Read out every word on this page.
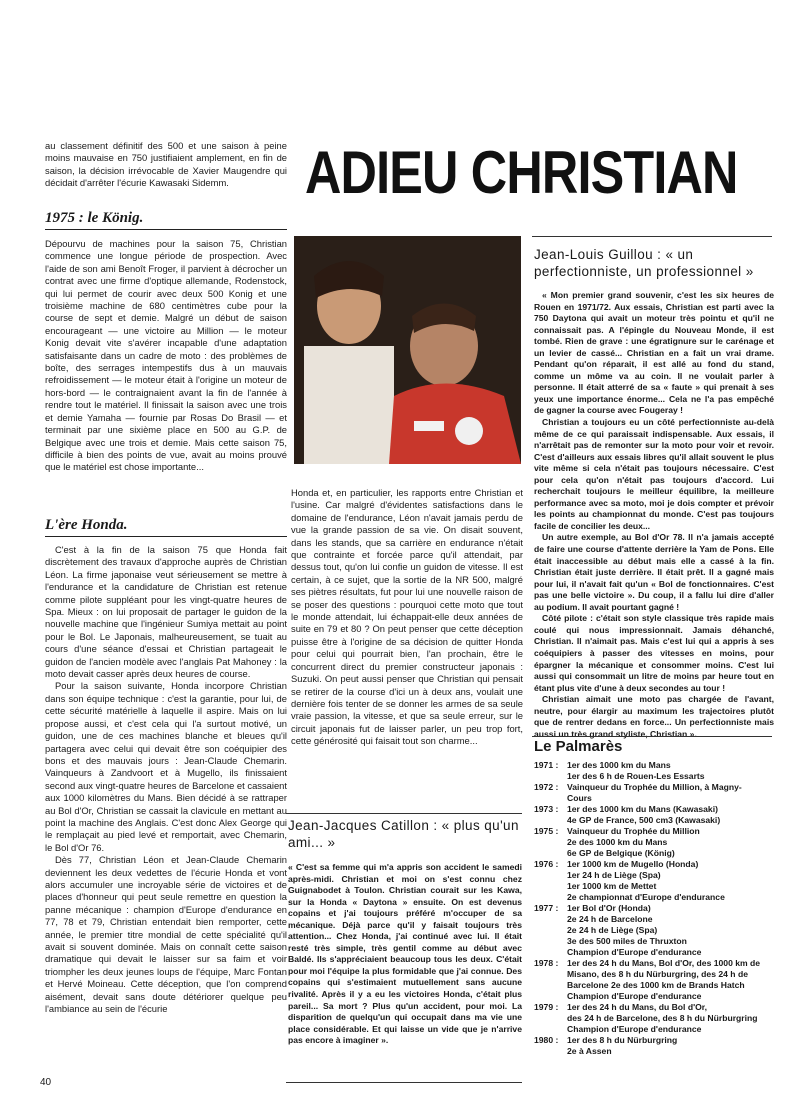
ADIEU CHRISTIAN
au classement définitif des 500 et une saison à peine moins mauvaise en 750 justifiaient amplement, en fin de saison, la décision irrévocable de Xavier Maugendre qui décidait d'arrêter l'écurie Kawasaki Sidemm.
1975 : le König.
Dépourvu de machines pour la saison 75, Christian commence une longue période de prospection. Avec l'aide de son ami Benoît Froger, il parvient à décrocher un contrat avec une firme d'optique allemande, Rodenstock, qui lui permet de courir avec deux 500 Konig et une troisième machine de 680 centimètres cube pour la course de sept et demie. Malgré un début de saison encourageant — une victoire au Million — le moteur Konig devait vite s'avérer incapable d'une adaptation satisfaisante dans un cadre de moto : des problèmes de boîte, des serrages intempestifs dus à un mauvais refroidissement — le moteur était à l'origine un moteur de hors-bord — le contraignaient avant la fin de l'année à rendre tout le matériel. Il finissait la saison avec une trois et demie Yamaha — fournie par Rosas Do Brasil — et terminait par une sixième place en 500 au G.P. de Belgique avec une trois et demie. Mais cette saison 75, difficile à bien des points de vue, avait au moins prouvé que le matériel est chose importante...
L'ère Honda.

C'est à la fin de la saison 75 que Honda fait discrètement des travaux d'approche auprès de Christian Léon. La firme japonaise veut sérieusement se mettre à l'endurance et la candidature de Christian est retenue comme pilote suppléant pour les vingt-quatre heures de Spa. Mieux : on lui proposait de partager le guidon de la nouvelle machine que l'ingénieur Sumiya mettait au point pour le Bol. Le Japonais, malheureusement, se tuait au cours d'une séance d'essai et Christian partageait le guidon de l'ancien modèle avec l'anglais Pat Mahoney : la moto devait casser après deux heures de course.

Pour la saison suivante, Honda incorpore Christian dans son équipe technique : c'est la garantie, pour lui, de cette sécurité matérielle à laquelle il aspire. Mais on lui propose aussi, et c'est cela qui l'a surtout motivé, un guidon, une de ces machines blanche et bleues qu'il partagera avec celui qui devait être son coéquipier des bons et des mauvais jours : Jean-Claude Chemarin. Vainqueurs à Zandvoort et à Mugello, ils finissaient second aux vingt-quatre heures de Barcelone et cassaient aux 1000 kilomètres du Mans. Bien décidé à se rattraper au Bol d'Or, Christian se cassait la clavicule en mettant au point la machine des Anglais. C'est donc Alex George qui le remplaçait au pied levé et remportait, avec Chemarin, le Bol d'Or 76.

Dès 77, Christian Léon et Jean-Claude Chemarin deviennent les deux vedettes de l'écurie Honda et vont alors accumuler une incroyable série de victoires et de places d'honneur qui peut seule remettre en question la panne mécanique : champion d'Europe d'endurance en 77, 78 et 79, Christian entendait bien remporter, cette année, le premier titre mondial de cette spécialité qu'il avait si souvent dominée. Mais on connaît cette saison dramatique qui devait le laisser sur sa faim et voir triompher les deux jeunes loups de l'équipe, Marc Fontan et Hervé Moineau. Cette déception, que l'on comprend aisément, devait sans doute détériorer quelque peu l'ambiance au sein de l'écurie

Honda et, en particulier, les rapports entre Christian et l'usine. Car malgré d'évidentes satisfactions dans le domaine de l'endurance, Léon n'avait jamais perdu de vue la grande passion de sa vie. On disait souvent, dans les stands, que sa carrière en endurance n'était que contrainte et forcée parce qu'il attendait, par dessus tout, qu'on lui confie un guidon de vitesse. Il est certain, à ce sujet, que la sortie de la NR 500, malgré ses piètres résultats, fut pour lui une nouvelle raison de se poser des questions : pourquoi cette moto que tout le monde attendait, lui échappait-elle deux années de suite en 79 et 80 ? On peut penser que cette déception puisse être à l'origine de sa décision de quitter Honda pour celui qui pourrait bien, l'an prochain, être le concurrent direct du premier constructeur japonais : Suzuki. On peut aussi penser que Christian qui pensait se retirer de la course d'ici un à deux ans, voulait une dernière fois tenter de se donner les armes de sa seule vraie passion, la vitesse, et que sa seule erreur, sur le circuit japonais fut de laisser parler, un peu trop fort, cette générosité qui faisait tout son charme...
Jean-Jacques Catillon : « plus qu'un ami... »
« C'est sa femme qui m'a appris son accident le samedi après-midi. Christian et moi on s'est connu chez Guignabodet à Toulon. Christian courait sur les Kawa, sur la Honda « Daytona » ensuite. On est devenus copains et j'ai toujours préféré m'occuper de sa mécanique. Déjà parce qu'il y faisait toujours très attention... Chez Honda, j'ai continué avec lui. Il était resté très simple, très gentil comme au début avec Baldé. Ils s'appréciaient beaucoup tous les deux. C'était pour moi l'équipe la plus formidable que j'ai connue. Des copains qui s'estimaient mutuellement sans aucune rivalité. Après il y a eu les victoires Honda, c'était plus pareil... Sa mort ? Plus qu'un accident, pour moi. La disparition de quelqu'un qui occupait dans ma vie une place considérable. Et qui laisse un vide que je n'arrive pas encore à imaginer ».
Jean-Louis Guillou : « un perfectionniste, un professionnel »

« Mon premier grand souvenir, c'est les six heures de Rouen en 1971/72. Aux essais, Christian est parti avec la 750 Daytona qui avait un moteur très pointu et qu'il ne connaissait pas. A l'épingle du Nouveau Monde, il est tombé. Rien de grave : une égratignure sur le carénage et un levier de cassé... Christian en a fait un vrai drame. Pendant qu'on réparait, il est allé au fond du stand, comme un môme va au coin. Il ne voulait parler à personne. Il était atterré de sa « faute » qui prenait à ses yeux une importance énorme... Cela ne l'a pas empêché de gagner la course avec Fougeray !

Christian a toujours eu un côté perfectionniste au-delà même de ce qui paraissait indispensable. Aux essais, il n'arrêtait pas de remonter sur la moto pour voir et revoir. C'est d'ailleurs aux essais libres qu'il allait souvent le plus vite même si cela n'était pas toujours nécessaire. C'est pour cela qu'on n'était pas toujours d'accord. Lui recherchait toujours le meilleur équilibre, la meilleure performance avec sa moto, moi je dois compter et prévoir les points au championnat du monde. C'est pas toujours facile de concilier les deux...

Un autre exemple, au Bol d'Or 78. Il n'a jamais accepté de faire une course d'attente derrière la Yam de Pons. Elle était inaccessible au début mais elle a cassé à la fin. Christian était juste derrière. Il était prêt. Il a gagné mais pour lui, il n'avait fait qu'un « Bol de fonctionnaires. C'est pas une belle victoire ». Du coup, il a fallu lui dire d'aller au podium. Il avait pourtant gagné !

Côté pilote : c'était son style classique très rapide mais coulé qui nous impressionnait. Jamais déhanché, Christian. Il n'aimait pas. Mais c'est lui qui a appris à ses coéquipiers à passer des vitesses en moins, pour épargner la mécanique et consommer moins. C'est lui aussi qui consommait un litre de moins par heure tout en étant plus vite d'une à deux secondes au tour !

Christian aimait une moto pas chargée de l'avant, neutre, pour élargir au maximum les trajectoires plutôt que de rentrer dedans en force... Un perfectionniste mais aussi un très grand styliste, Christian ».

Le Palmarès
1971 :	1er des 1000 km du Mans
1er des 6 h de Rouen-Les Essarts
1972 :	Vainqueur du Trophée du Million, à Magny-
Cours
1973 :	1er des 1000 km du Mans (Kawasaki)
4e GP de France, 500 cm3 (Kawasaki)
1975 :	Vainqueur du Trophée du Million
2e des 1000 km du Mans
6e GP de Belgique (König)
1976 :	1er 1000 km de Mugello (Honda)
1er 24 h de Liège (Spa)
1er 1000 km de Mettet
2e championnat d'Europe d'endurance
1977 :	1er Bol d'Or (Honda)
2e 24 h de Barcelone
2e 24 h de Liège (Spa)
3e des 500 miles de Thruxton
Champion d'Europe d'endurance
1978 :	1er des 24 h du Mans, Bol d'Or, des 1000 km de
Misano, des 8 h du Nürburgring, des 24 h de
Barcelone 2e des 1000 km de Brands Hatch
Champion d'Europe d'endurance
1979 :	1er des 24 h du Mans, du Bol d'Or,
des 24 h de Barcelone, des 8 h du Nürburgring
Champion d'Europe d'endurance
1980 :	1er des 8 h du Nürburgring
2e à Assen
40
